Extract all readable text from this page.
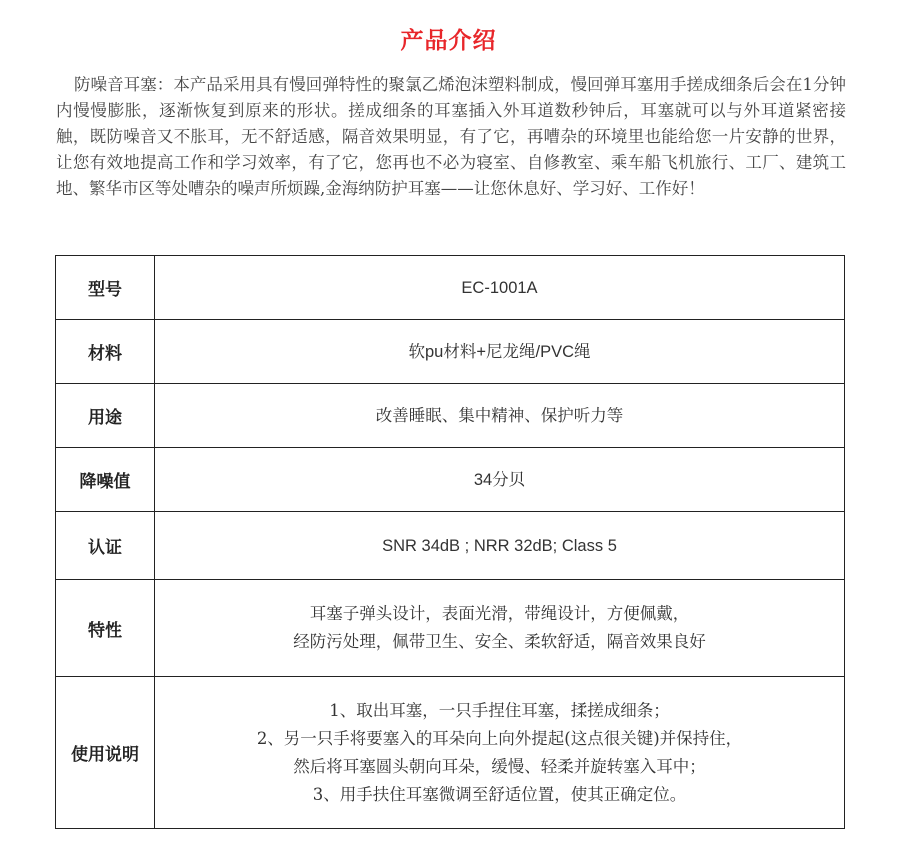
产品介绍
防噪音耳塞：本产品采用具有慢回弹特性的聚氯乙烯泡沫塑料制成，慢回弹耳塞用手搓成细条后会在1分钟内慢慢膨胀，逐渐恢复到原来的形状。搓成细条的耳塞插入外耳道数秒钟后，耳塞就可以与外耳道紧密接触，既防噪音又不胀耳，无不舒适感，隔音效果明显，有了它，再嘈杂的环境里也能给您一片安静的世界，让您有效地提高工作和学习效率，有了它，您再也不必为寝室、自修教室、乘车船飞机旅行、工厂、建筑工地、繁华市区等处嘈杂的噪声所烦躁,金海纳防护耳塞——让您休息好、学习好、工作好！
型号	EC-1001A
材料	软pu材料+尼龙绳/PVC绳
用途	改善睡眠、集中精神、保护听力等
降噪值	34分贝
认证	SNR 34dB ; NRR 32dB; Class 5
特性	耳塞子弹头设计，表面光滑，带绳设计，方便佩戴，
经防污处理，佩带卫生、安全、柔软舒适，隔音效果良好

使用说明	1、取出耳塞，一只手捏住耳塞，揉搓成细条；
2、另一只手将要塞入的耳朵向上向外提起(这点很关键)并保持住，
然后将耳塞圆头朝向耳朵，缓慢、轻柔并旋转塞入耳中；
3、用手扶住耳塞微调至舒适位置，使其正确定位。
